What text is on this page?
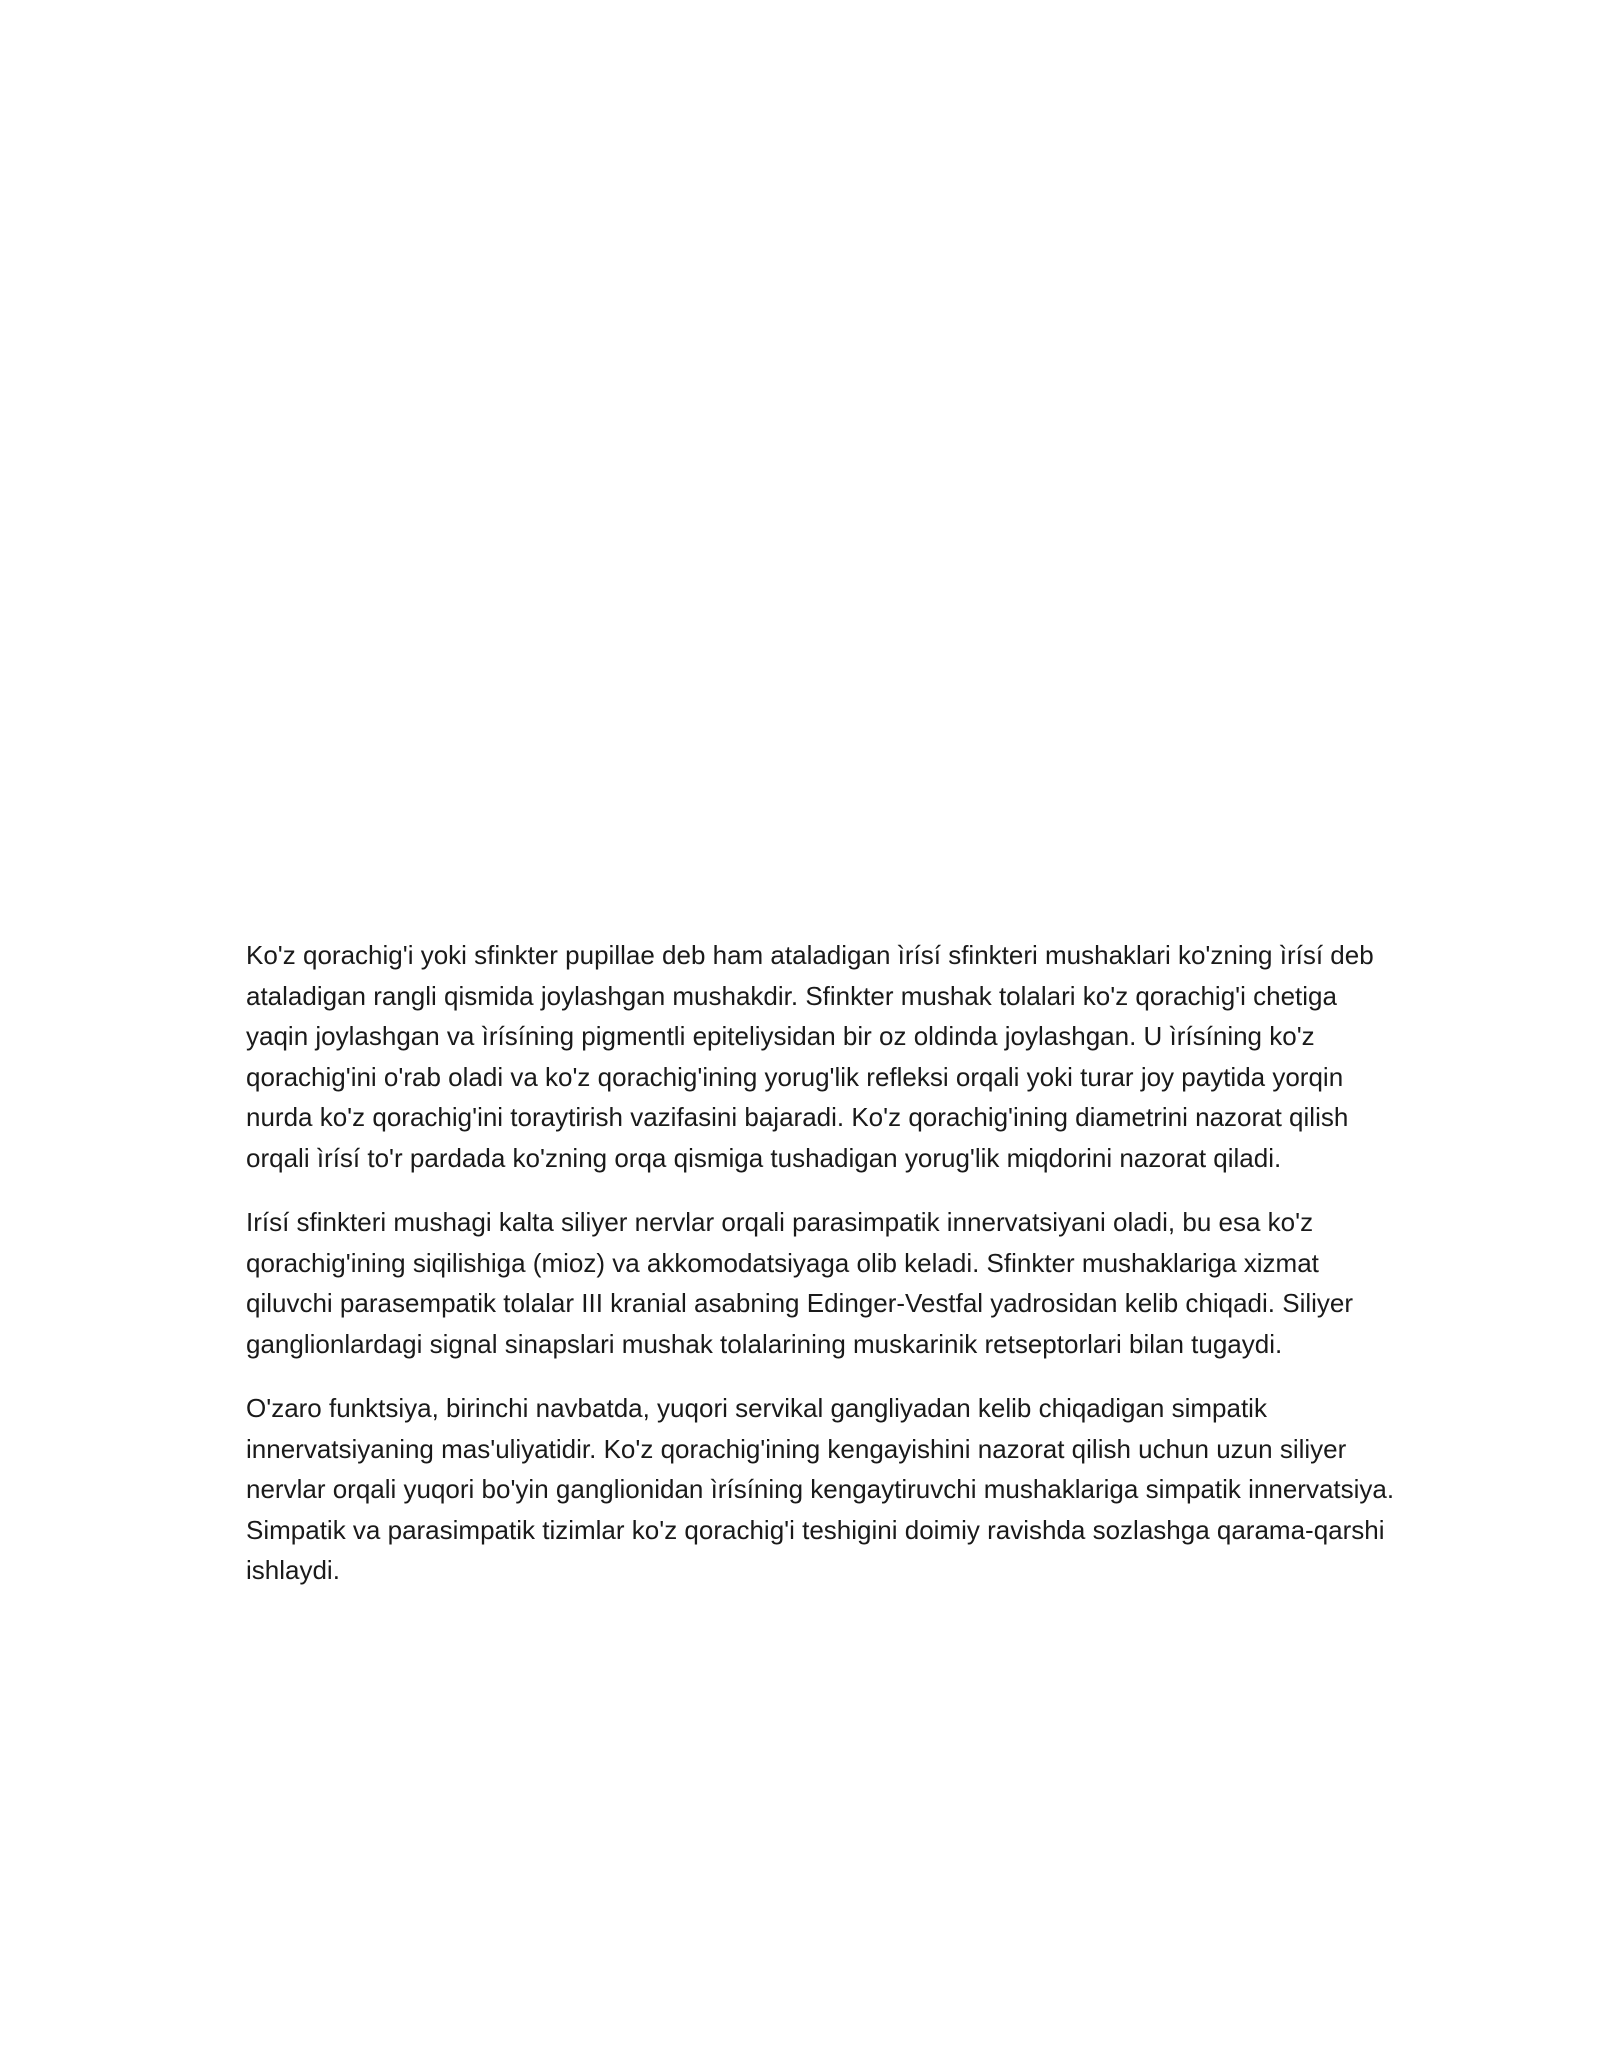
Ko'z qorachig'i yoki sfinkter pupillae deb ham ataladigan ìrísí sfinkteri mushaklari ko'zning ìrísí deb ataladigan rangli qismida joylashgan mushakdir. Sfinkter mushak tolalari ko'z qorachig'i chetiga yaqin joylashgan va ìrísíning pigmentli epiteliysidan bir oz oldinda joylashgan. U ìrísíning ko'z qorachig'ini o'rab oladi va ko'z qorachig'ining yorug'lik refleksi orqali yoki turar joy paytida yorqin nurda ko'z qorachig'ini toraytirish vazifasini bajaradi. Ko'z qorachig'ining diametrini nazorat qilish orqali ìrísí to'r pardada ko'zning orqa qismiga tushadigan yorug'lik miqdorini nazorat qiladi.

Irísí sfinkteri mushagi kalta siliyer nervlar orqali parasimpatik innervatsiyani oladi, bu esa ko'z qorachig'ining siqilishiga (mioz) va akkomodatsiyaga olib keladi. Sfinkter mushaklariga xizmat qiluvchi parasempatik tolalar III kranial asabning Edinger-Vestfal yadrosidan kelib chiqadi. Siliyer ganglionlardagi signal sinapslari mushak tolalarining muskarinik retseptorlari bilan tugaydi.

O'zaro funktsiya, birinchi navbatda, yuqori servikal gangliyadan kelib chiqadigan simpatik innervatsiyaning mas'uliyatidir. Ko'z qorachig'ining kengayishini nazorat qilish uchun uzun siliyer nervlar orqali yuqori bo'yin ganglionidan ìrísíning kengaytiruvchi mushaklariga simpatik innervatsiya. Simpatik va parasimpatik tizimlar ko'z qorachig'i teshigini doimiy ravishda sozlashga qarama-qarshi ishlaydi.
